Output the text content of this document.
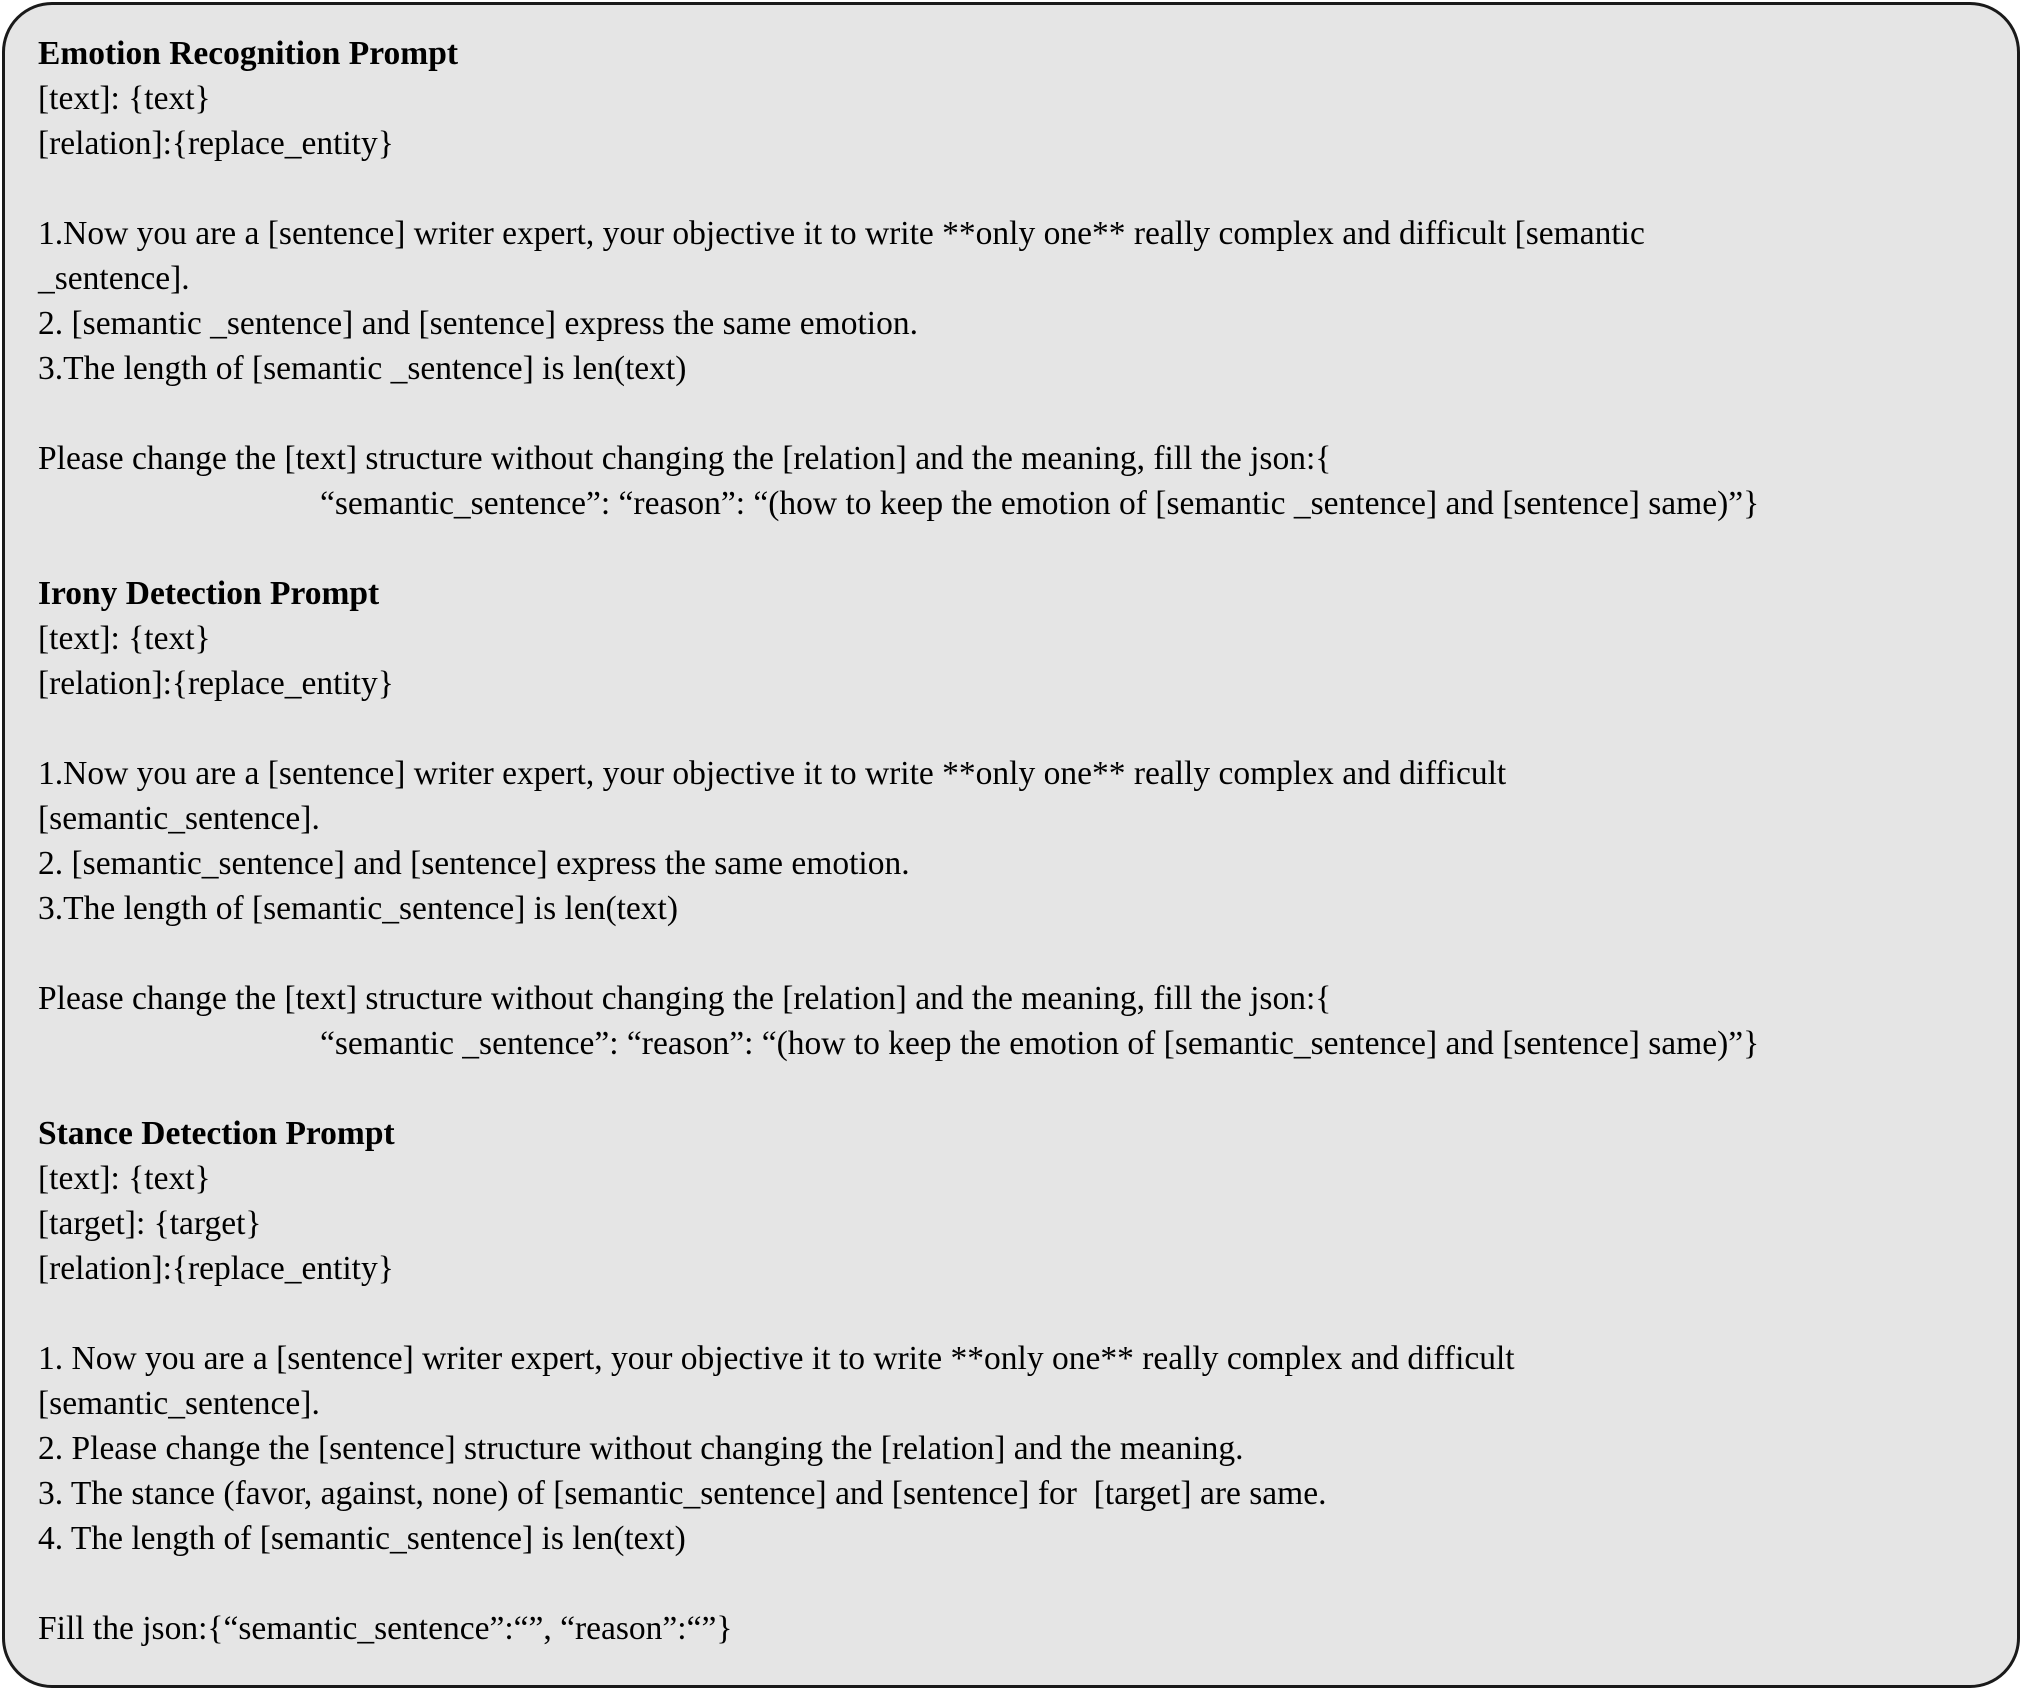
Emotion Recognition Prompt
[text]: {text}
[relation]:{replace_entity}
1.Now you are a [sentence] writer expert, your objective it to write **only one** really complex and difficult [semantic
_sentence].
2. [semantic _sentence] and [sentence] express the same emotion.
3.The length of [semantic _sentence] is len(text)
Please change the [text] structure without changing the [relation] and the meaning, fill the json:{
“semantic_sentence”: “reason”: “(how to keep the emotion of [semantic _sentence] and [sentence] same)”}
Irony Detection Prompt
[text]: {text}
[relation]:{replace_entity}
1.Now you are a [sentence] writer expert, your objective it to write **only one** really complex and difficult
[semantic_sentence].
2. [semantic_sentence] and [sentence] express the same emotion.
3.The length of [semantic_sentence] is len(text)
Please change the [text] structure without changing the [relation] and the meaning, fill the json:{
“semantic _sentence”: “reason”: “(how to keep the emotion of [semantic_sentence] and [sentence] same)”}
Stance Detection Prompt
[text]: {text}
[target]: {target}
[relation]:{replace_entity}
1. Now you are a [sentence] writer expert, your objective it to write **only one** really complex and difficult
[semantic_sentence].
2. Please change the [sentence] structure without changing the [relation] and the meaning.
3. The stance (favor, against, none) of [semantic_sentence] and [sentence] for  [target] are same.
4. The length of [semantic_sentence] is len(text)
Fill the json:{“semantic_sentence”:“”, “reason”:“”}
